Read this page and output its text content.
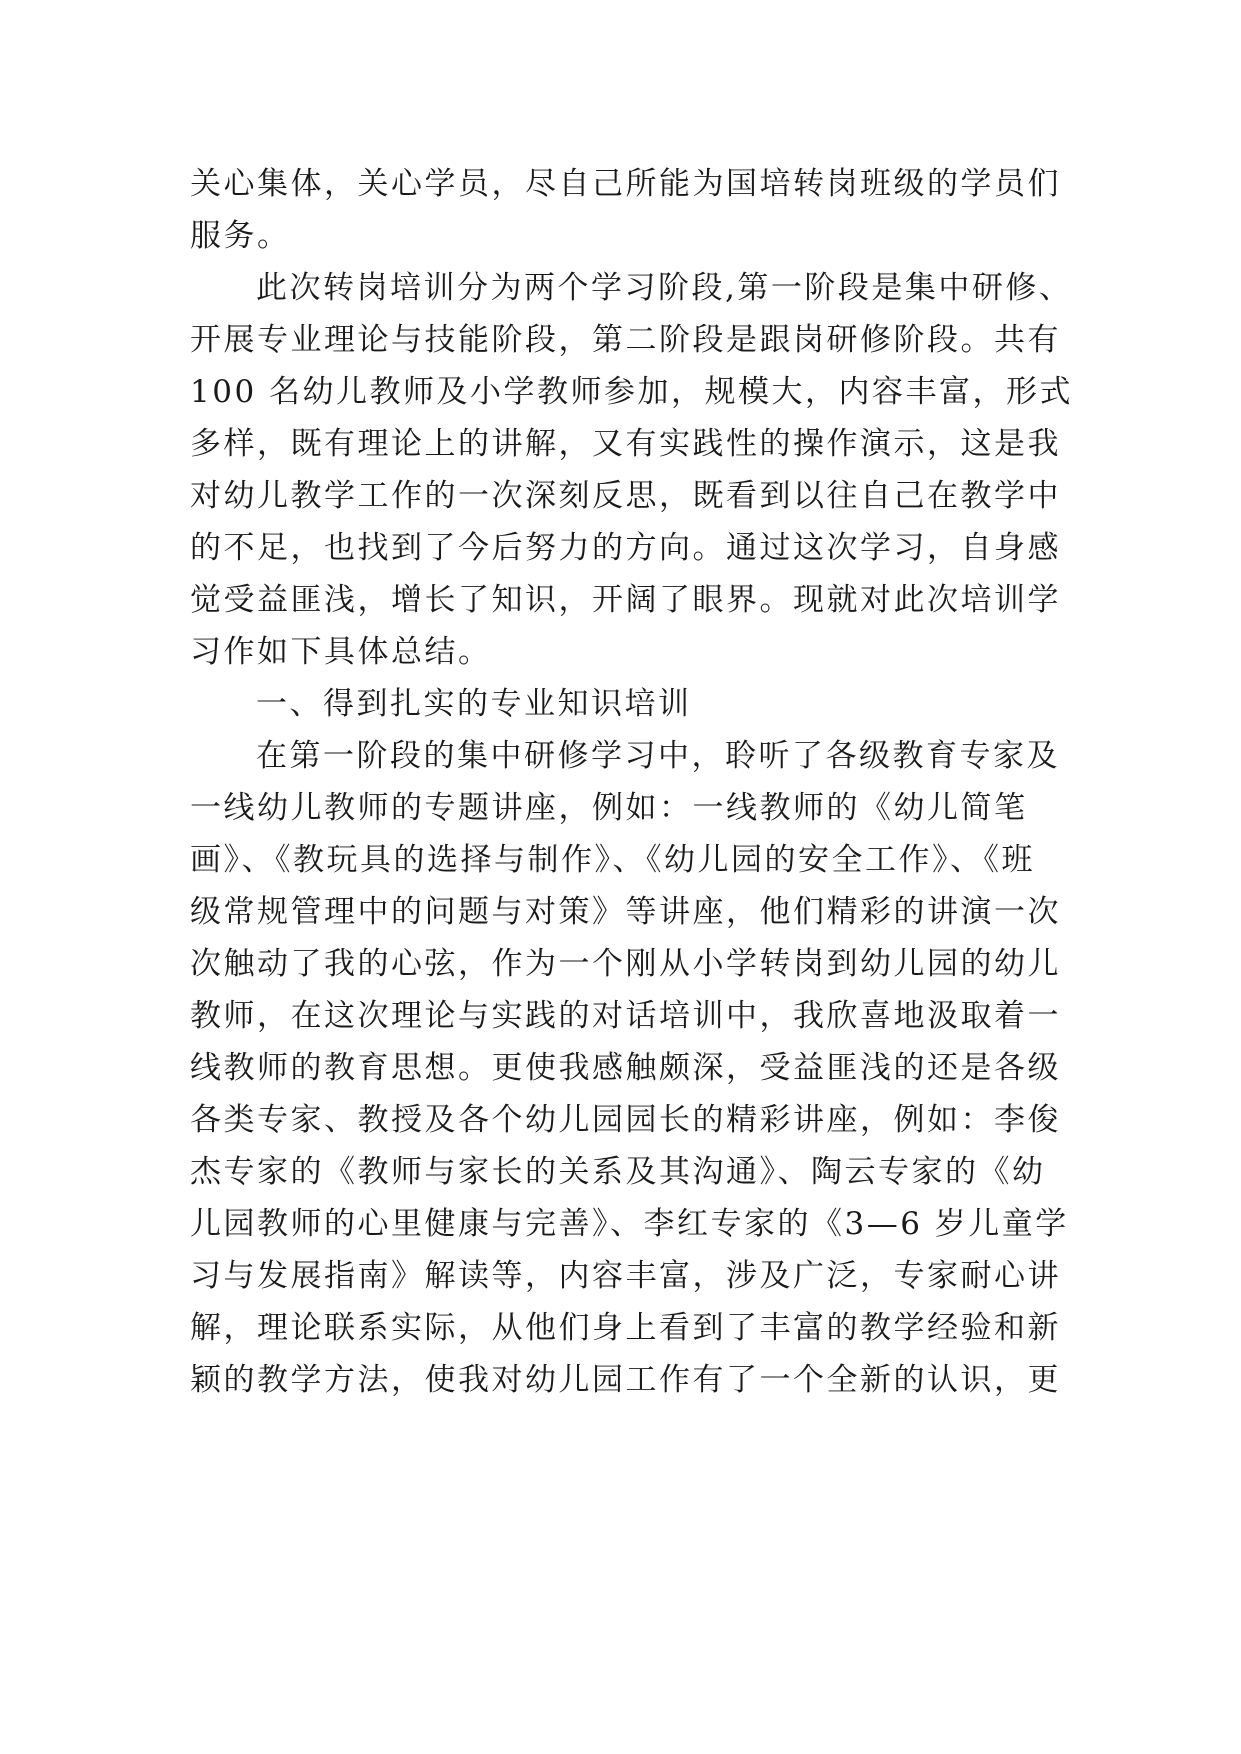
关心集体，关心学员，尽自己所能为国培转岗班级的学员们
服务。
此次转岗培训分为两个学习阶段,第一阶段是集中研修、
开展专业理论与技能阶段，第二阶段是跟岗研修阶段。共有
100 名幼儿教师及小学教师参加，规模大，内容丰富，形式
多样，既有理论上的讲解，又有实践性的操作演示，这是我
对幼儿教学工作的一次深刻反思，既看到以往自己在教学中
的不足，也找到了今后努力的方向。通过这次学习，自身感
觉受益匪浅，增长了知识，开阔了眼界。现就对此次培训学
习作如下具体总结。
一、得到扎实的专业知识培训
在第一阶段的集中研修学习中，聆听了各级教育专家及
一线幼儿教师的专题讲座，例如：一线教师的《幼儿简笔
画》、《教玩具的选择与制作》、《幼儿园的安全工作》、《班
级常规管理中的问题与对策》等讲座，他们精彩的讲演一次
次触动了我的心弦，作为一个刚从小学转岗到幼儿园的幼儿
教师，在这次理论与实践的对话培训中，我欣喜地汲取着一
线教师的教育思想。更使我感触颇深，受益匪浅的还是各级
各类专家、教授及各个幼儿园园长的精彩讲座，例如：李俊
杰专家的《教师与家长的关系及其沟通》、陶云专家的《幼
儿园教师的心里健康与完善》、李红专家的《3—6 岁儿童学
习与发展指南》解读等，内容丰富，涉及广泛，专家耐心讲
解，理论联系实际，从他们身上看到了丰富的教学经验和新
颖的教学方法，使我对幼儿园工作有了一个全新的认识，更
